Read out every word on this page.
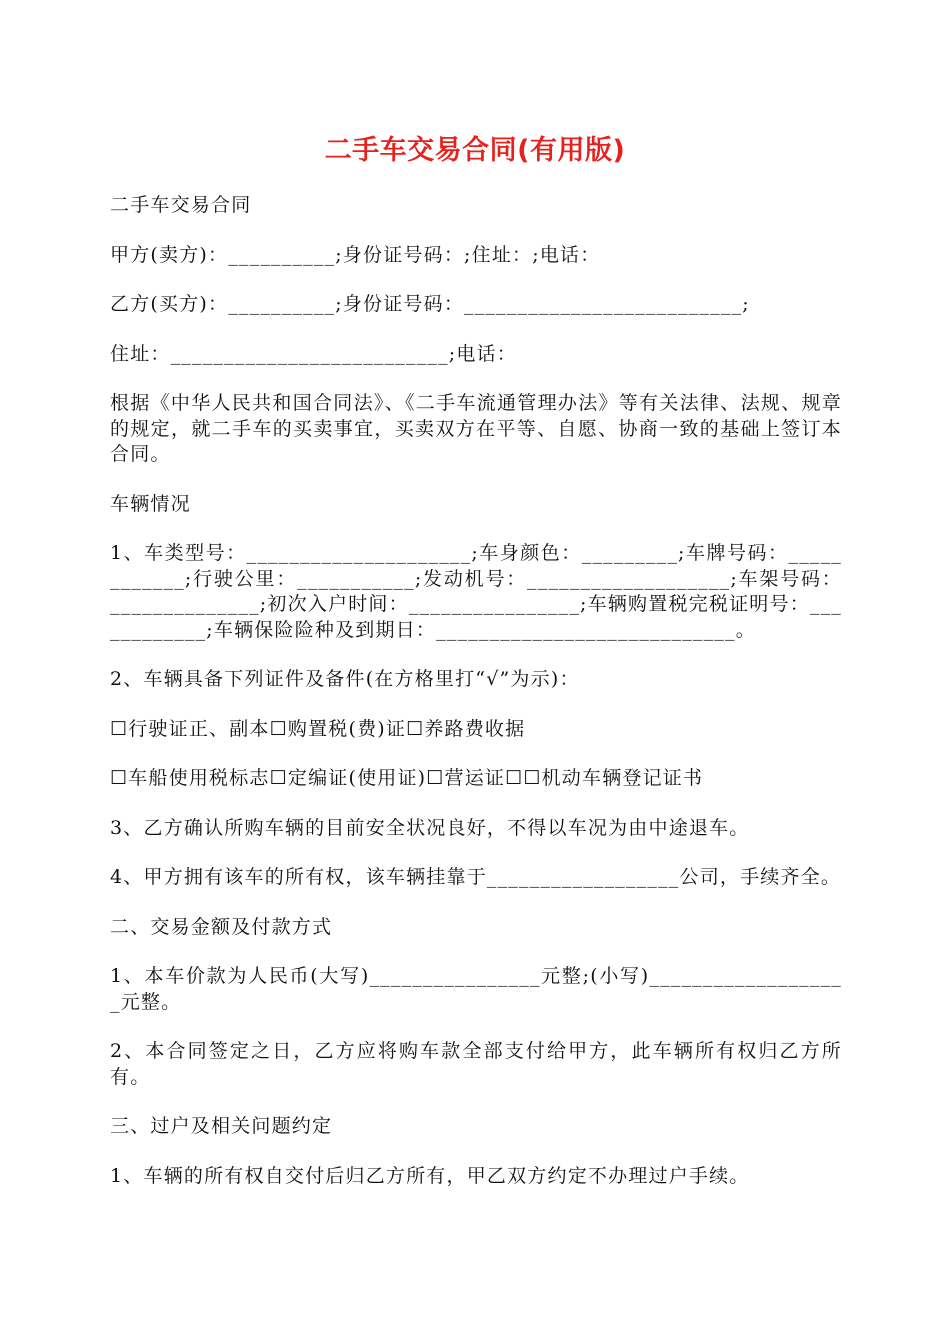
二手车交易合同(有用版)

二手车交易合同

甲方(卖方)：__________;身份证号码：;住址：;电话：

乙方(买方)：__________;身份证号码：__________________________;

住址：__________________________;电话：

根据《中华人民共和国合同法》、《二手车流通管理办法》等有关法律、法规、规章的规定，就二手车的买卖事宜，买卖双方在平等、自愿、协商一致的基础上签订本合同。

车辆情况

1、车类型号：_____________________;车身颜色：_________;车牌号码：____________;行驶公里：___________;发动机号：___________________;车架号码：______________;初次入户时间：________________;车辆购置税完税证明号：____________;车辆保险险种及到期日：____________________________。

2、车辆具备下列证件及备件(在方格里打“√”为示)：

☐行驶证正、副本☐购置税(费)证☐养路费收据

☐车船使用税标志☐定编证(使用证)☐营运证☐☐机动车辆登记证书

3、乙方确认所购车辆的目前安全状况良好，不得以车况为由中途退车。

4、甲方拥有该车的所有权，该车辆挂靠于__________________公司，手续齐全。

二、交易金额及付款方式

1、本车价款为人民币(大写)________________元整;(小写)___________________元整。

2、本合同签定之日，乙方应将购车款全部支付给甲方，此车辆所有权归乙方所有。

三、过户及相关问题约定

1、车辆的所有权自交付后归乙方所有，甲乙双方约定不办理过户手续。
